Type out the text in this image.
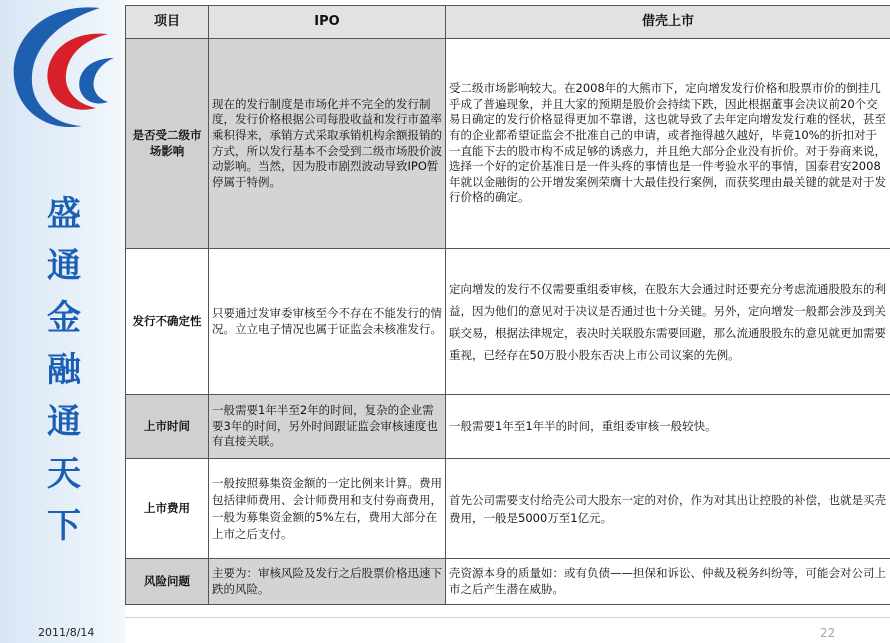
盛
通
金
融
通
天
下
2011/8/14	22
项目	IPO	借壳上市
是否受二级市场影响	现在的发行制度是市场化并不完全的发行制度，发行价格根据公司每股收益和发行市盈率乘积得来，承销方式采取承销机构余额报销的方式，所以发行基本不会受到二级市场股价波动影响。当然，因为股市剧烈波动导致IPO暂停属于特例。	受二级市场影响较大。在2008年的大熊市下，定向增发发行价格和股票市价的倒挂几乎成了普遍现象，并且大家的预期是股价会持续下跌，因此根据董事会决议前20个交易日确定的发行价格显得更加不靠谱，这也就导致了去年定向增发发行难的怪状，甚至有的企业都希望证监会不批准自己的申请，或者拖得越久越好，毕竟10%的折扣对于一直能下去的股市构不成足够的诱惑力，并且绝大部分企业没有折价。对于券商来说，选择一个好的定价基准日是一件头疼的事情也是一件考验水平的事情，国泰君安2008年就以金融街的公开增发案例荣膺十大最佳投行案例，而获奖理由最关键的就是对于发行价格的确定。
发行不确定性	只要通过发审委审核至今不存在不能发行的情况。立立电子情况也属于证监会未核准发行。	定向增发的发行不仅需要重组委审核，在股东大会通过时还要充分考虑流通股股东的利益，因为他们的意见对于决议是否通过也十分关键。另外，定向增发一般都会涉及到关联交易，根据法律规定，表决时关联股东需要回避，那么流通股股东的意见就更加需要重视，已经存在50万股小股东否决上市公司议案的先例。
上市时间	一般需要1年半至2年的时间，复杂的企业需要3年的时间，另外时间跟证监会审核速度也有直接关联。	一般需要1年至1年半的时间，重组委审核一般较快。
上市费用	一般按照募集资金额的一定比例来计算。费用包括律师费用、会计师费用和支付券商费用，一般为募集资金额的5%左右，费用大部分在上市之后支付。	首先公司需要支付给壳公司大股东一定的对价，作为对其出让控股的补偿，也就是买壳费用，一般是5000万至1亿元。
风险问题	主要为：审核风险及发行之后股票价格迅速下跌的风险。	壳资源本身的质量如：或有负债——担保和诉讼、仲裁及税务纠纷等，可能会对公司上市之后产生潜在威胁。
